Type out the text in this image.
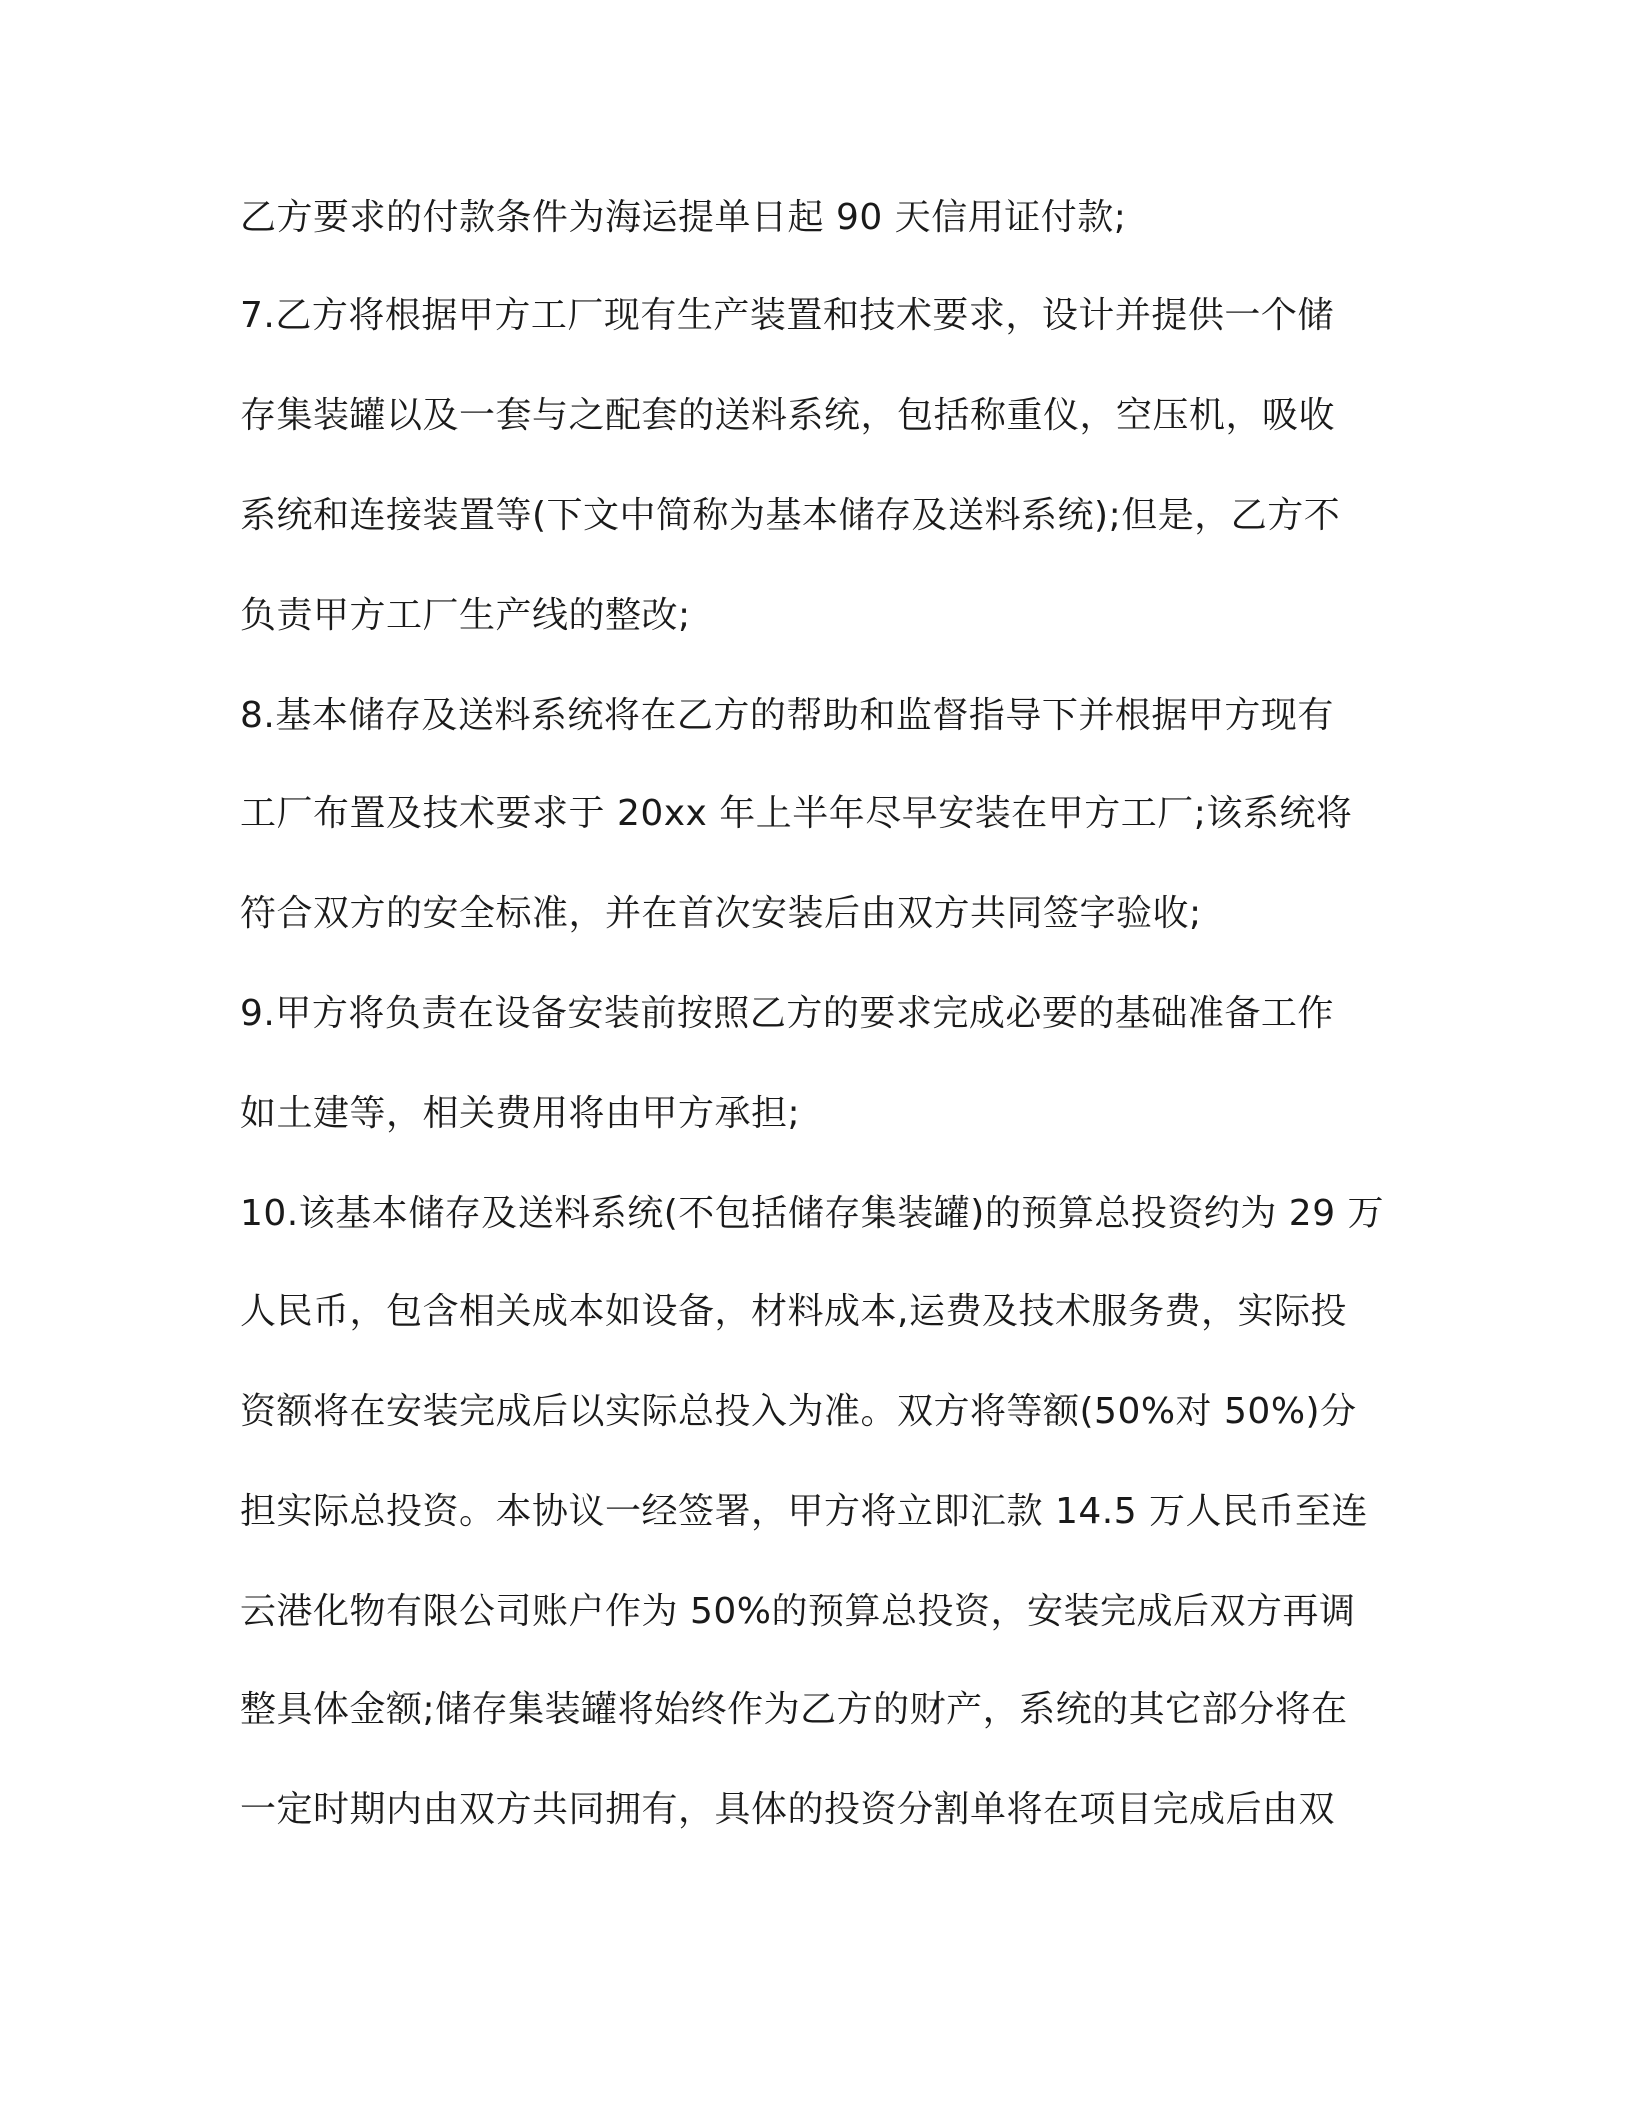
乙方要求的付款条件为海运提单日起 90 天信用证付款;

7.乙方将根据甲方工厂现有生产装置和技术要求，设计并提供一个储

存集装罐以及一套与之配套的送料系统，包括称重仪，空压机，吸收

系统和连接装置等(下文中简称为基本储存及送料系统);但是，乙方不

负责甲方工厂生产线的整改;

8.基本储存及送料系统将在乙方的帮助和监督指导下并根据甲方现有

工厂布置及技术要求于 20xx 年上半年尽早安装在甲方工厂;该系统将

符合双方的安全标准，并在首次安装后由双方共同签字验收;

9.甲方将负责在设备安装前按照乙方的要求完成必要的基础准备工作

如土建等，相关费用将由甲方承担;

10.该基本储存及送料系统(不包括储存集装罐)的预算总投资约为 29 万

人民币，包含相关成本如设备，材料成本,运费及技术服务费，实际投

资额将在安装完成后以实际总投入为准。双方将等额(50%对 50%)分

担实际总投资。本协议一经签署，甲方将立即汇款 14.5 万人民币至连

云港化物有限公司账户作为 50%的预算总投资，安装完成后双方再调

整具体金额;储存集装罐将始终作为乙方的财产，系统的其它部分将在

一定时期内由双方共同拥有，具体的投资分割单将在项目完成后由双
